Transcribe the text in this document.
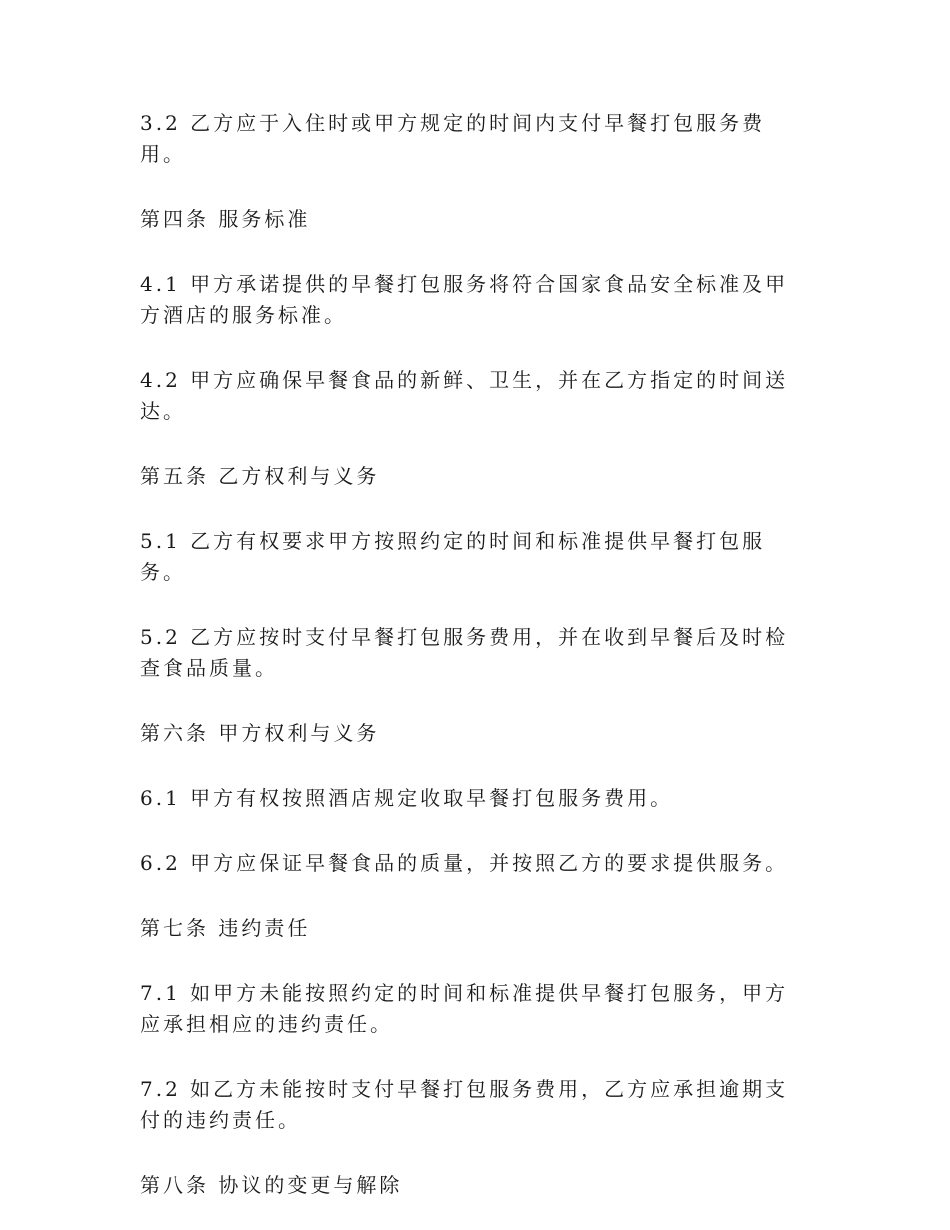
3.2 乙方应于入住时或甲方规定的时间内支付早餐打包服务费用。

第四条 服务标准

4.1 甲方承诺提供的早餐打包服务将符合国家食品安全标准及甲方酒店的服务标准。

4.2 甲方应确保早餐食品的新鲜、卫生，并在乙方指定的时间送达。

第五条 乙方权利与义务

5.1 乙方有权要求甲方按照约定的时间和标准提供早餐打包服务。

5.2 乙方应按时支付早餐打包服务费用，并在收到早餐后及时检查食品质量。

第六条 甲方权利与义务

6.1 甲方有权按照酒店规定收取早餐打包服务费用。

6.2 甲方应保证早餐食品的质量，并按照乙方的要求提供服务。

第七条 违约责任

7.1 如甲方未能按照约定的时间和标准提供早餐打包服务，甲方应承担相应的违约责任。

7.2 如乙方未能按时支付早餐打包服务费用，乙方应承担逾期支付的违约责任。

第八条 协议的变更与解除
